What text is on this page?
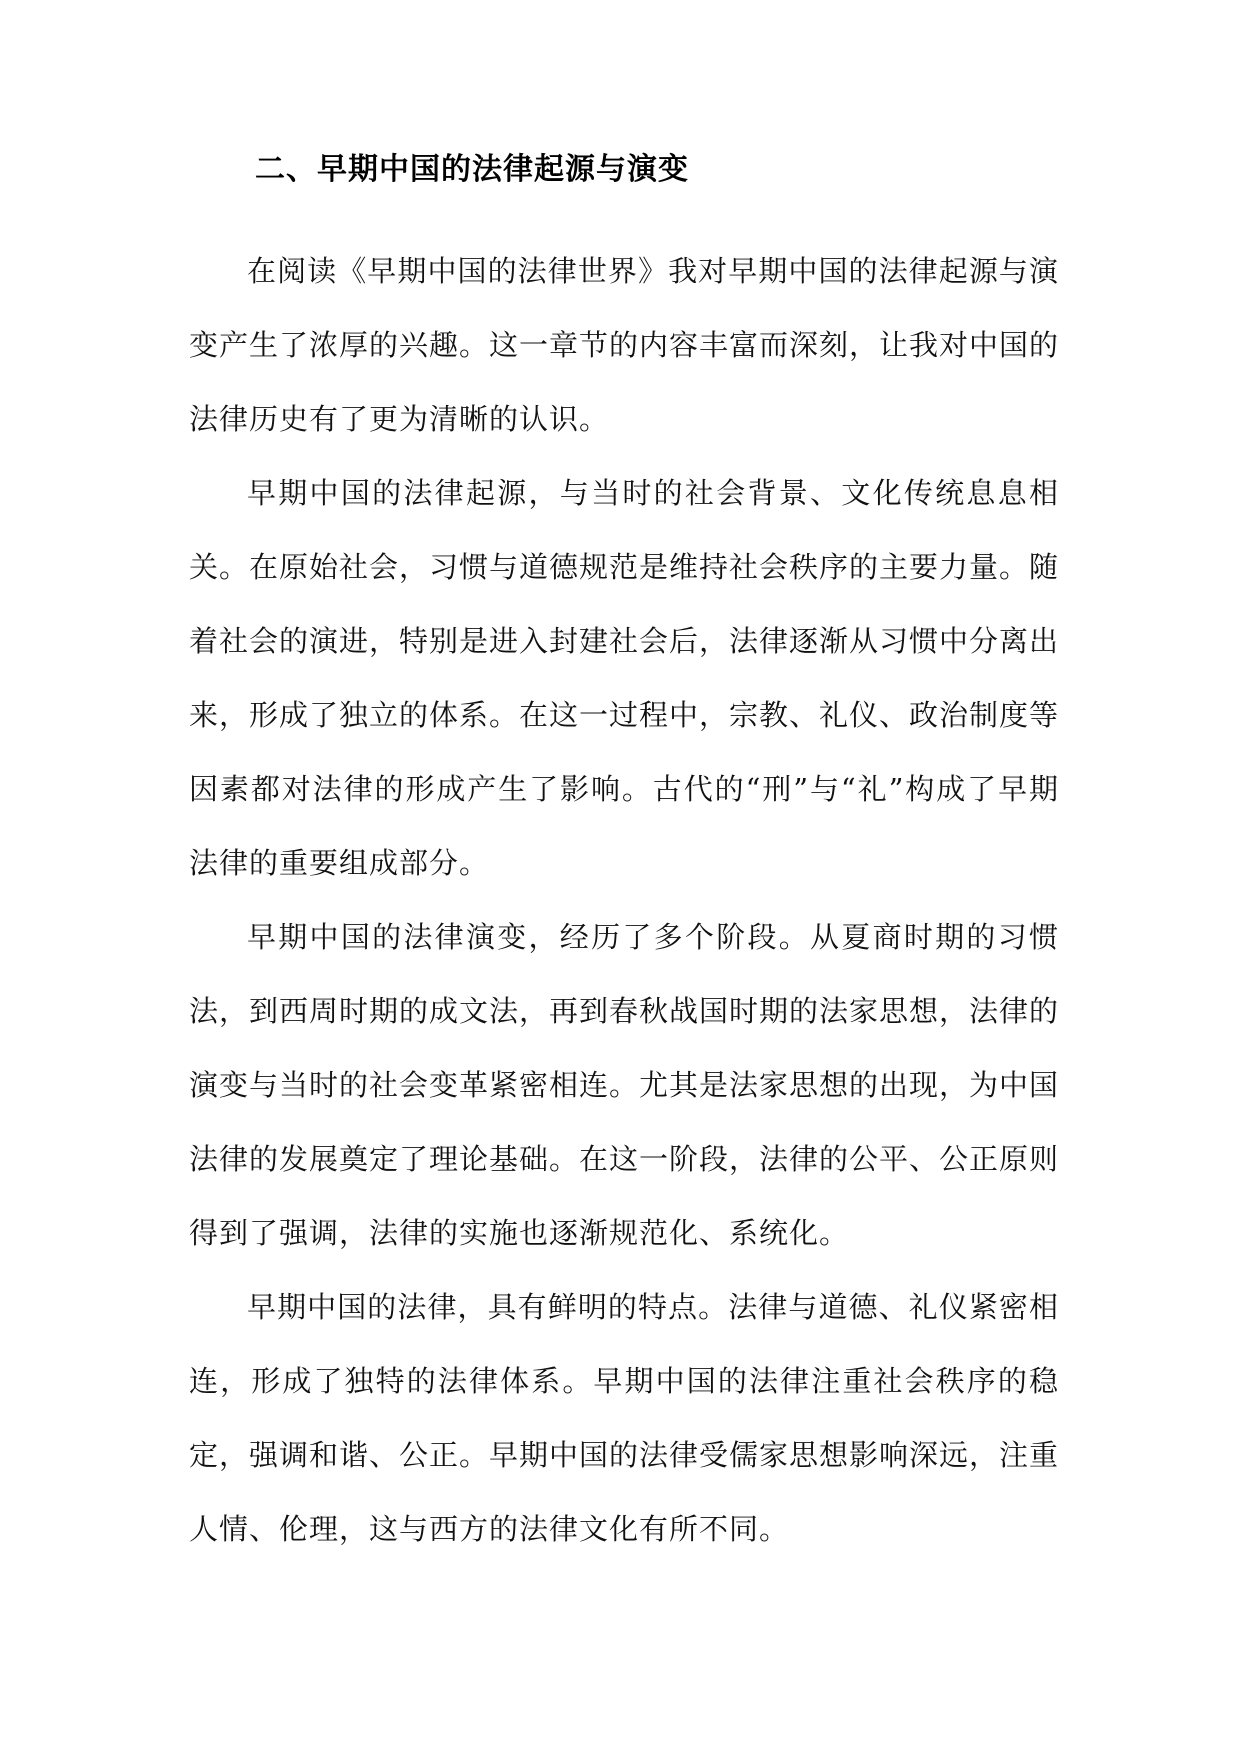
二、早期中国的法律起源与演变

在阅读《早期中国的法律世界》我对早期中国的法律起源与演变产生了浓厚的兴趣。这一章节的内容丰富而深刻，让我对中国的法律历史有了更为清晰的认识。

早期中国的法律起源，与当时的社会背景、文化传统息息相关。在原始社会，习惯与道德规范是维持社会秩序的主要力量。随着社会的演进，特别是进入封建社会后，法律逐渐从习惯中分离出来，形成了独立的体系。在这一过程中，宗教、礼仪、政治制度等因素都对法律的形成产生了影响。古代的“刑”与“礼”构成了早期法律的重要组成部分。

早期中国的法律演变，经历了多个阶段。从夏商时期的习惯法，到西周时期的成文法，再到春秋战国时期的法家思想，法律的演变与当时的社会变革紧密相连。尤其是法家思想的出现，为中国法律的发展奠定了理论基础。在这一阶段，法律的公平、公正原则得到了强调，法律的实施也逐渐规范化、系统化。

早期中国的法律，具有鲜明的特点。法律与道德、礼仪紧密相连，形成了独特的法律体系。早期中国的法律注重社会秩序的稳定，强调和谐、公正。早期中国的法律受儒家思想影响深远，注重人情、伦理，这与西方的法律文化有所不同。
